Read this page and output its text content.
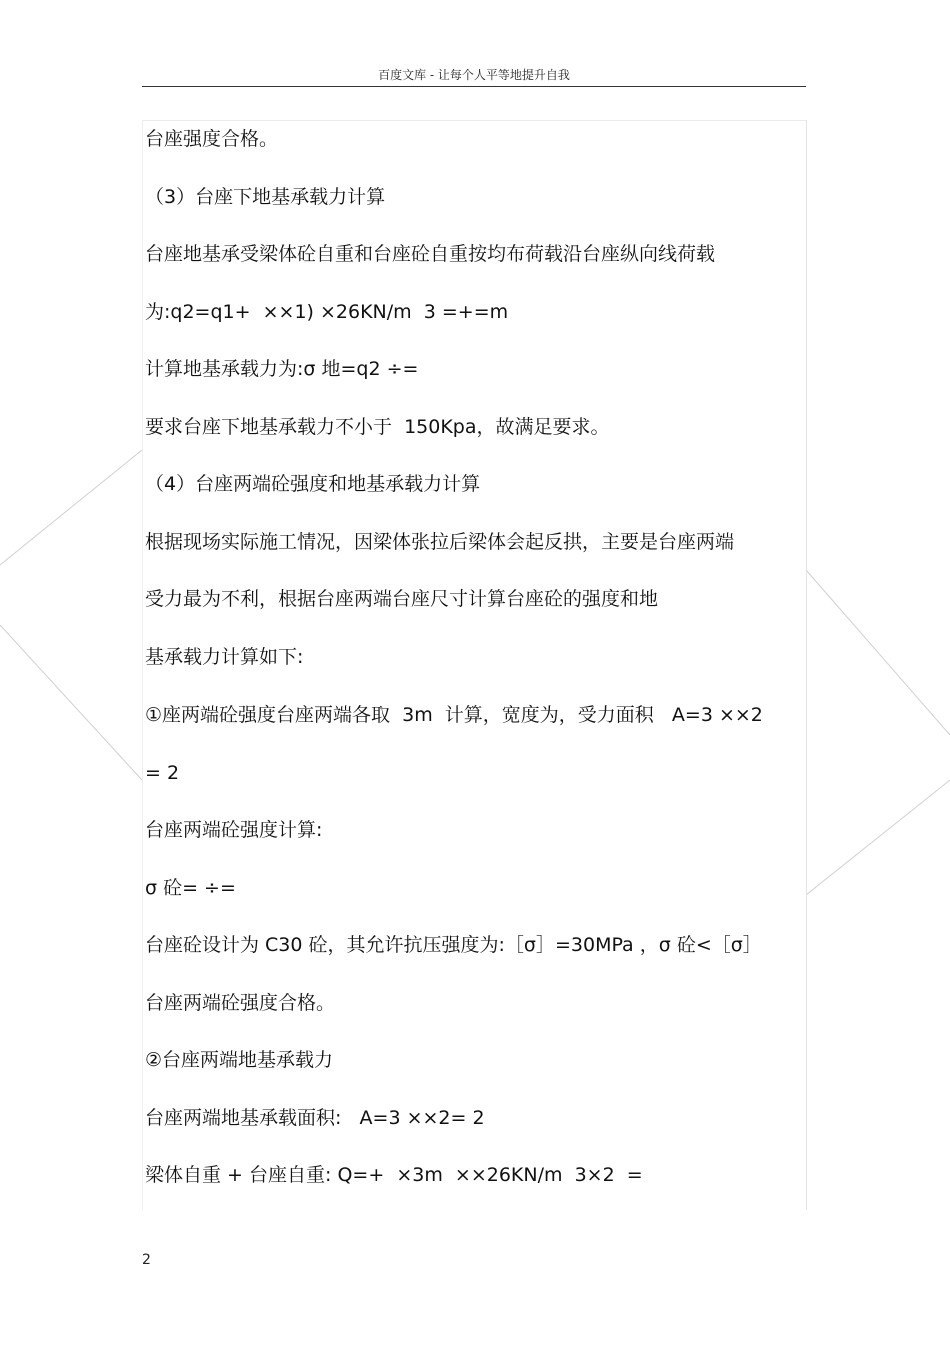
百度文库 - 让每个人平等地提升自我
台座强度合格。
（3）台座下地基承载力计算
台座地基承受梁体砼自重和台座砼自重按均布荷载沿台座纵向线荷载
为:q2=q1+  ××1) ×26KN/m  3 =+=m
计算地基承载力为:σ 地=q2 ÷=
要求台座下地基承载力不小于  150Kpa，故满足要求。
（4）台座两端砼强度和地基承载力计算
根据现场实际施工情况，因梁体张拉后梁体会起反拱，主要是台座两端
受力最为不利，根据台座两端台座尺寸计算台座砼的强度和地
基承载力计算如下:
①座两端砼强度台座两端各取  3m  计算，宽度为，受力面积   A=3 ××2
= 2
台座两端砼强度计算:
σ 砼= ÷=
台座砼设计为 C30 砼，其允许抗压强度为:［σ］=30MPa ，σ 砼<［σ］
台座两端砼强度合格。
②台座两端地基承载力
台座两端地基承载面积:   A=3 ××2= 2
梁体自重 + 台座自重: Q=+  ×3m  ××26KN/m  3×2  =
2
